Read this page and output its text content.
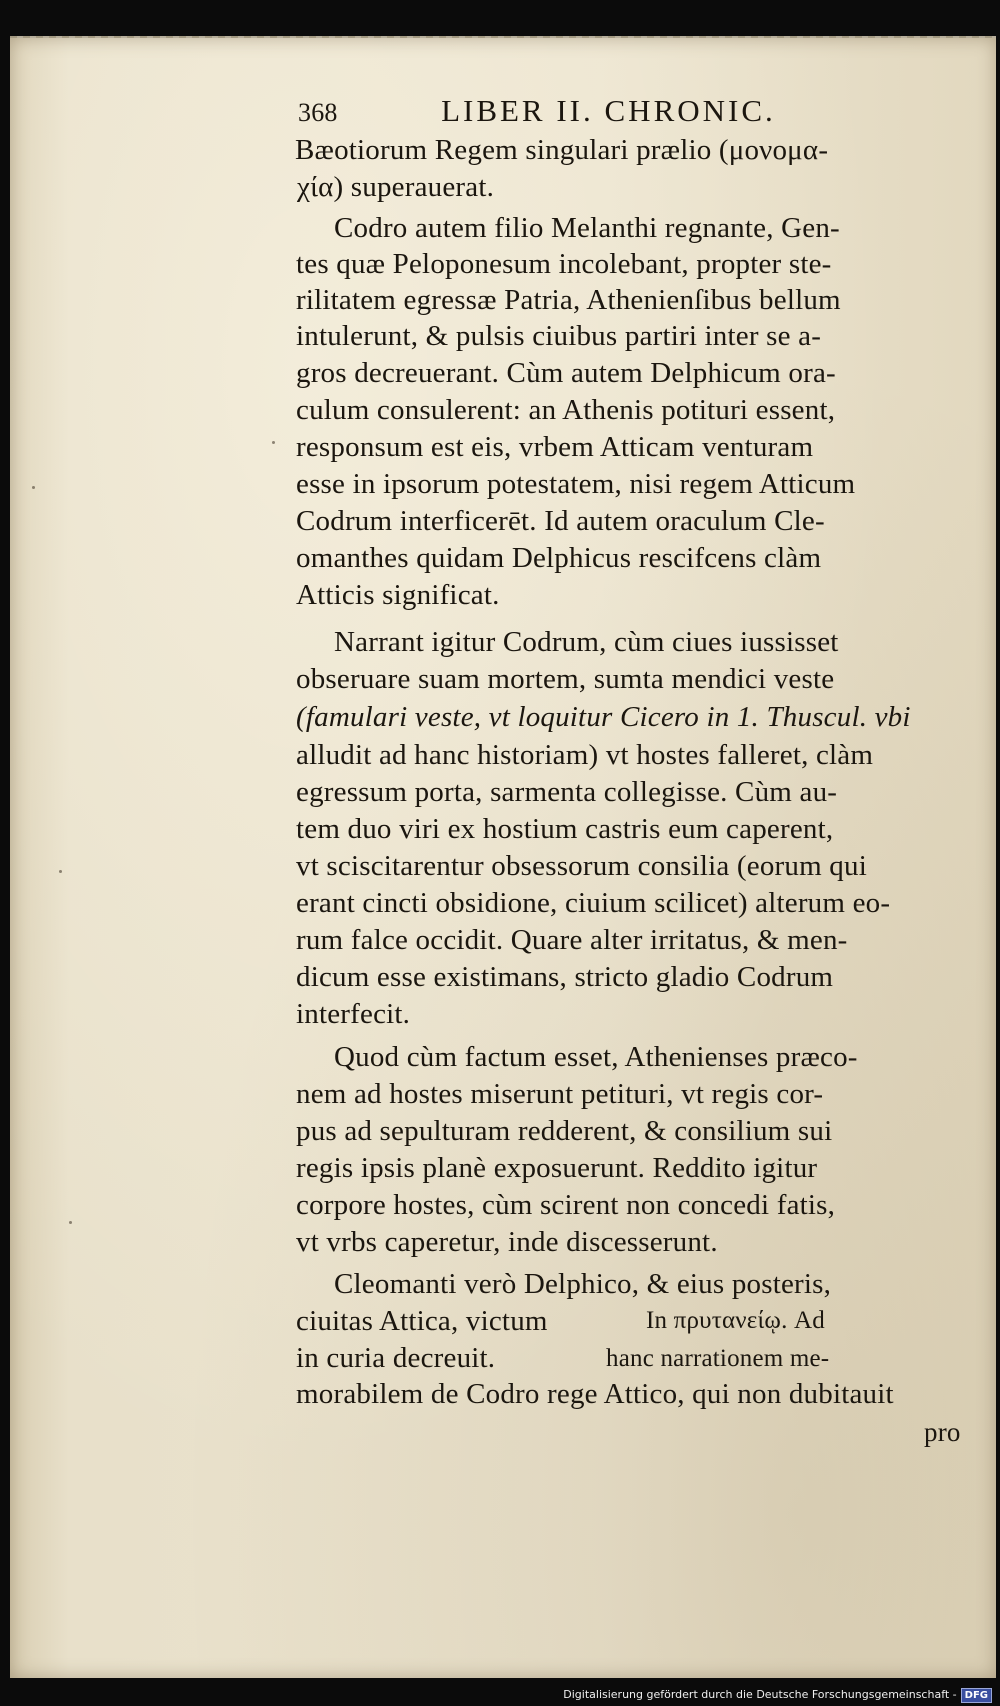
368	LIBER II. CHRONIC.

Bæotiorum Regem singulari prælio (μονομα-

χία) superauerat.

Codro autem filio Melanthi regnante, Gen-

tes quæ Peloponesum incolebant, propter ste-

rilitatem egressæ Patria, Athenienſibus bellum

intulerunt, & pulsis ciuibus partiri inter se a-

gros decreuerant. Cùm autem Delphicum ora-

culum consulerent: an Athenis potituri essent,

responsum est eis, vrbem Atticam venturam

esse in ipsorum potestatem, nisi regem Atticum

Codrum interficerēt. Id autem oraculum Cle-

omanthes quidam Delphicus rescifcens clàm

Atticis significat.

Narrant igitur Codrum, cùm ciues iussisset

obseruare suam mortem, sumta mendici veste

(famulari veste, vt loquitur Cicero in 1. Thuscul. vbi

alludit ad hanc historiam) vt hostes falleret, clàm

egressum porta, sarmenta collegisse. Cùm au-

tem duo viri ex hostium castris eum caperent,

vt sciscitarentur obsessorum consilia (eorum qui

erant cincti obsidione, ciuium scilicet) alterum eo-

rum falce occidit. Quare alter irritatus, & men-

dicum esse existimans, stricto gladio Codrum

interfecit.

Quod cùm factum esset, Athenienses præco-

nem ad hostes miserunt petituri, vt regis cor-

pus ad sepulturam redderent, & consilium sui

regis ipsis planè exposuerunt. Reddito igitur

corpore hostes, cùm scirent non concedi fatis,

vt vrbs caperetur, inde discesserunt.

Cleomanti verò Delphico, & eius posteris,

ciuitas Attica, victum

in curia decreuit.

In πρυτανείῳ. Ad

hanc narrationem me-

morabilem de Codro rege Attico, qui non dubitauit

pro

Digitalisierung gefördert durch die Deutsche Forschungsgemeinschaft - DFG
